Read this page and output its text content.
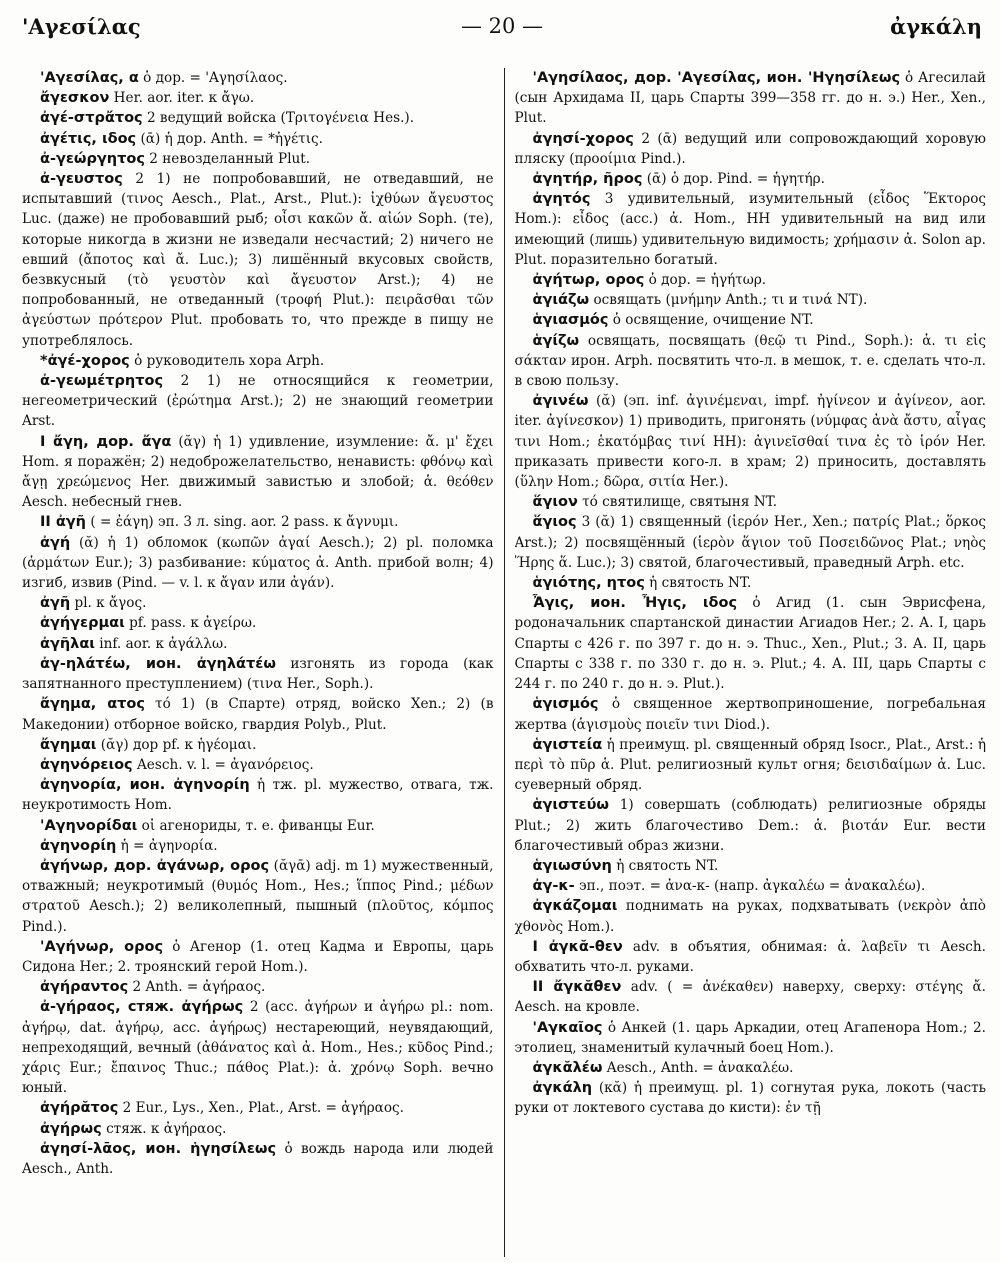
'Αγεσίλας	— 20 —	ἀγκάλη

'Αγεσίλας, α ὁ дор. = 'Αγησίλαος.

ἄγεσκον Her. aor. iter. к ἄγω.

ἀγέ-στρἄτος 2 ведущий войска (Τριτογένεια Hes.).

ἀγέτις, ιδος (ᾱ) ἡ дор. Anth. = *ἡγέτις.

ἀ-γεώργητος 2 невозделанный Plut.

ἀ-γευστος 2 1) не попробовавший, не отведавший, не испытавший (τινος Aesch., Plat., Arst., Plut.): ἰχθύων ἄγευστος Luc. (даже) не пробовавший рыб; οἶσι κακῶν ἄ. αἰών Soph. (те), которые никогда в жизни не изведали несчастий; 2) ничего не евший (ἄποτος καὶ ἄ. Luc.); 3) лишённый вкусовых свойств, безвкусный (τὸ γευστὸν καὶ ἄγευστον Arst.); 4) не попробованный, не отведанный (τροφή Plut.): πειρᾶσθαι τῶν ἀγεύστων πρότερον Plut. пробовать то, что прежде в пищу не употреблялось.

*ἀγέ-χορος ὁ руководитель хора Arph.

ἀ-γεωμέτρητος 2 1) не относящийся к геометрии, негеометрический (ἐρώτημα Arst.); 2) не знающий геометрии Arst.

I ἄγη, дор. ἄγα (ᾰγ) ἡ 1) удивление, изумление: ἄ. μ' ἔχει Hom. я поражён; 2) недоброжелательство, ненависть: φθόνῳ καὶ ἄγῃ χρεώμενος Her. движимый завистью и злобой; ἁ. θεόθεν Aesch. небесный гнев.

II ἀγῆ ( = ἐάγη) эп. 3 л. sing. aor. 2 pass. к ἄγνυμι.

ἀγή (ᾰ) ἡ 1) обломок (κωπῶν ἀγαί Aesch.); 2) pl. поломка (ἁρμάτων Eur.); 3) разбивание: κύματος ἀ. Anth. прибой волн; 4) изгиб, извив (Pind. — v. l. к ἄγαν или ἀγάν).

ἀγῆ pl. к ἄγος.

ἀγήγερμαι pf. pass. к ἀγείρω.

ἀγῆλαι inf. aor. к ἀγάλλω.

ἀγ-ηλάτέω, ион. ἀγηλάτέω изгонять из города (как запятнанного преступлением) (τινα Her., Soph.).

ἄγημα, ατος τό 1) (в Спарте) отряд, войско Xen.; 2) (в Македонии) отборное войско, гвардия Polyb., Plut.

ἄγημαι (ᾰγ) дор pf. к ἡγέομαι.

ἀγηνόρειος Aesch. v. l. = ἀγανόρειος.

ἀγηνορία, ион. ἀγηνορίη ἡ тж. pl. мужество, отвага, тж. неукротимость Hom.

'Αγηνορίδαι οἱ агенориды, т. е. фиванцы Eur.

ἀγηνορίη ἡ = ἀγηνορία.

ἀγήνωρ, дор. ἀγάνωρ, ορος (ᾰγᾱ) adj. m 1) мужественный, отважный; неукротимый (θυμός Hom., Hes.; ἵππος Pind.; μέδων στρατοῦ Aesch.); 2) великолепный, пышный (πλοῦτος, κόμπος Pind.).

'Αγήνωρ, ορος ὁ Агенор (1. отец Кадма и Европы, царь Сидона Her.; 2. троянский герой Hom.).

ἀγήραντος 2 Anth. = ἀγήραος.

ἀ-γήραος, стяж. ἀγήρως 2 (acc. ἀγήρων и ἀγήρω pl.: nom. ἀγήρῳ, dat. ἀγήρῳ, acc. ἀγήρως) нестареющий, неувядающий, непреходящий, вечный (ἀθάνατος καὶ ἀ. Hom., Hes.; κῦδος Pind.; χάρις Eur.; ἔπαινος Thuc.; πάθος Plat.): ἀ. χρόνῳ Soph. вечно юный.

ἀγήρᾰτος 2 Eur., Lys., Xen., Plat., Arst. = ἀγήραος.

ἀγήρως стяж. к ἀγήραος.

ἀγησί-λᾱος, ион. ἡγησίλεως ὁ вождь народа или людей Aesch., Anth.

'Αγησίλαος, дор. 'Αγεσίλας, ион. 'Ηγησίλεως ὁ Агесилай (сын Архидама II, царь Спарты 399—358 гг. до н. э.) Her., Xen., Plut.

ἀγησί-χορος 2 (ᾱ) ведущий или сопровождающий хоровую пляску (προοίμια Pind.).

ἀγητήρ, ῆρος (ᾱ) ὁ дор. Pind. = ἡγητήρ.

ἀγητός 3 удивительный, изумительный (εἶδος Ἕκτορος Hom.): εἶδος (acc.) ἀ. Hom., HH удивительный на вид или имеющий (лишь) удивительную видимость; χρήμασιν ἀ. Solon ap. Plut. поразительно богатый.

ἀγήτωρ, ορος ὁ дор. = ἡγήτωρ.

ἁγιάζω освящать (μνήμην Anth.; τι и τινά NT).

ἁγιασμός ὁ освящение, очищение NT.

ἁγίζω освящать, посвящать (θεῷ τι Pind., Soph.): ἁ. τι εἰς σάκταν ирон. Arph. посвятить что-л. в мешок, т. е. сделать что-л. в свою пользу.

ἀγινέω (ᾰ) (эп. inf. ἀγινέμεναι, impf. ἠγίνεον и ἀγίνεον, aor. iter. ἀγίνεσκον) 1) приводить, пригонять (νύμφας ἀνὰ ἄστυ, αἶγας τινι Hom.; ἑκατόμβας τινί HH): ἀγινεῖσθαί τινα ἐς τὸ ἱρόν Her. приказать привести кого-л. в храм; 2) приносить, доставлять (ὕλην Hom.; δῶρα, σιτία Her.).

ἅγιον τό святилище, святыня NT.

ἅγιος 3 (ᾰ) 1) священный (ἱερόν Her., Xen.; πατρίς Plat.; ὅρκος Arst.); 2) посвящённый (ἱερὸν ἅγιον τοῦ Ποσειδῶνος Plat.; νηὸς Ἥρης ἅ. Luc.); 3) святой, благочестивый, праведный Arph. etc.

ἁγιότης, ητος ἡ святость NT.

Ἆγις, ион. Ἦγις, ιδος ὁ Агид (1. сын Эврисфена, родоначальник спартанской династии Агиадов Her.; 2. А. I, царь Спарты с 426 г. по 397 г. до н. э. Thuc., Xen., Plut.; 3. А. II, царь Спарты с 338 г. по 330 г. до н. э. Plut.; 4. А. III, царь Спарты с 244 г. по 240 г. до н. э. Plut.).

ἁγισμός ὁ священное жертвоприношение, погребальная жертва (ἁγισμοὺς ποιεῖν τινι Diod.).

ἁγιστεία ἡ преимущ. pl. священный обряд Isocr., Plat., Arst.: ἡ περὶ τὸ πῦρ ἁ. Plut. религиозный культ огня; δεισιδαίμων ἁ. Luc. суеверный обряд.

ἁγιστεύω 1) совершать (соблюдать) религиозные обряды Plut.; 2) жить благочестиво Dem.: ἁ. βιοτάν Eur. вести благочестивый образ жизни.

ἁγιωσύνη ἡ святость NT.

ἀγ-κ- эп., поэт. = ἀνα-κ- (напр. ἀγκαλέω = ἀνακαλέω).

ἀγκάζομαι поднимать на руках, подхватывать (νεκρὸν ἀπὸ χθονὸς Hom.).

I ἀγκᾰ-θεν adv. в объятия, обнимая: ἀ. λαβεῖν τι Aesch. обхватить что-л. руками.

II ἄγκᾰθεν adv. ( = ἀνέκαθεν) наверху, сверху: στέγης ἄ. Aesch. на кровле.

'Αγκαῖος ὁ Анкей (1. царь Аркадии, отец Агапенора Hom.; 2. этолиец, знаменитый кулачный боец Hom.).

ἀγκᾰλέω Aesch., Anth. = ἀνακαλέω.

ἀγκάλη (κᾰ) ἡ преимущ. pl. 1) согнутая рука, локоть (часть руки от локтевого сустава до кисти): ἐν τῇ
